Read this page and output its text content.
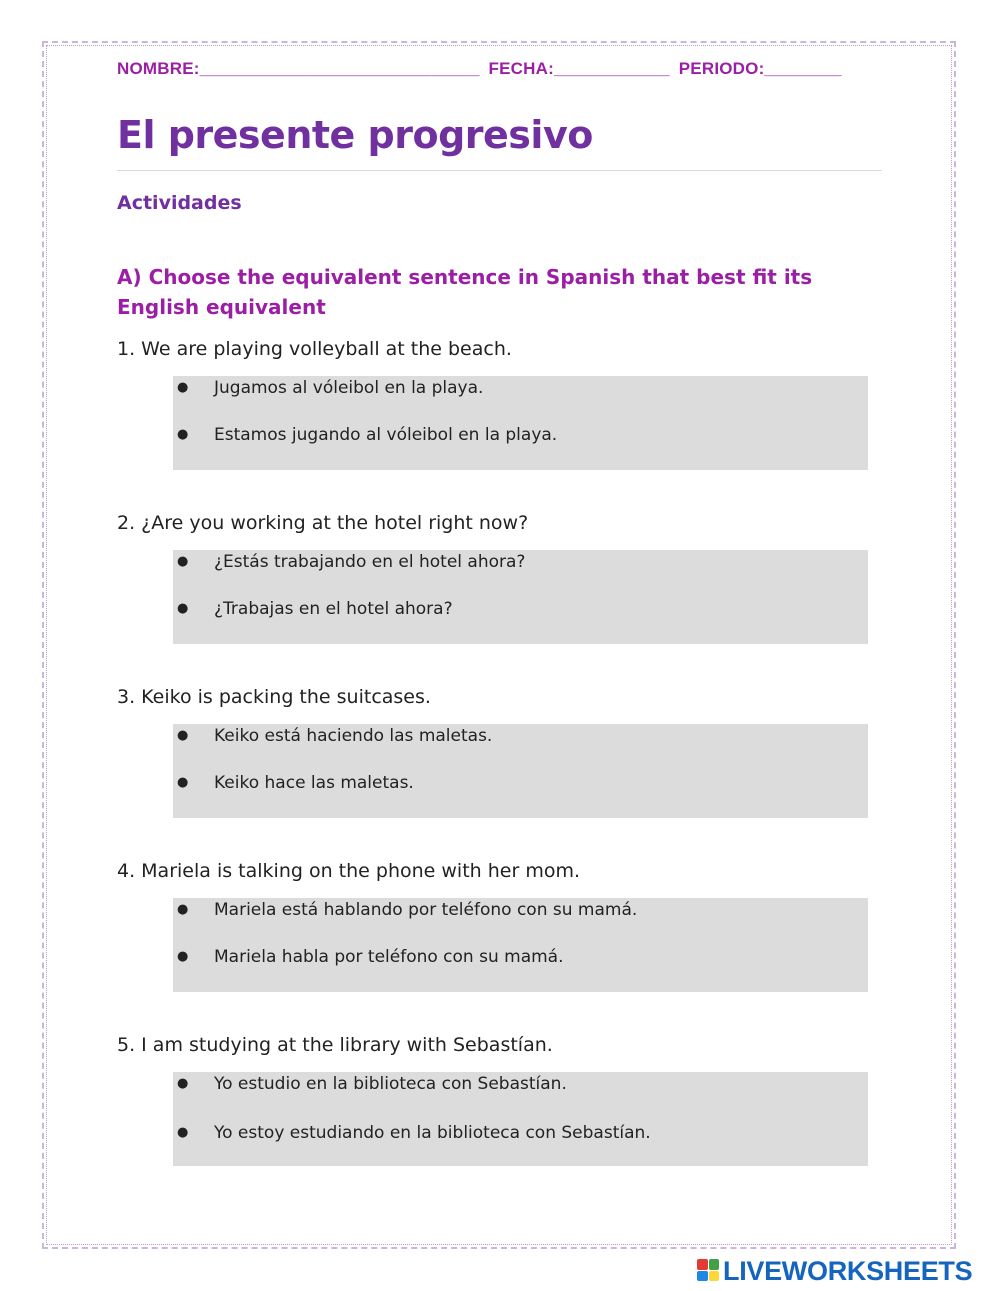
NOMBRE:_____________________________ FECHA:____________ PERIODO:________
El presente progresivo
Actividades
A) Choose the equivalent sentence in Spanish that best fit its English equivalent
1. We are playing volleyball at the beach.
● Jugamos al vóleibol en la playa.
● Estamos jugando al vóleibol en la playa.
2. ¿Are you working at the hotel right now?
● ¿Estás trabajando en el hotel ahora?
● ¿Trabajas en el hotel ahora?
3. Keiko is packing the suitcases.
● Keiko está haciendo las maletas.
● Keiko hace las maletas.
4. Mariela is talking on the phone with her mom.
● Mariela está hablando por teléfono con su mamá.
● Mariela habla por teléfono con su mamá.
5. I am studying at the library with Sebastían.
● Yo estudio en la biblioteca con Sebastían.
● Yo estoy estudiando en la biblioteca con Sebastían.
LIVEWORKSHEETS
